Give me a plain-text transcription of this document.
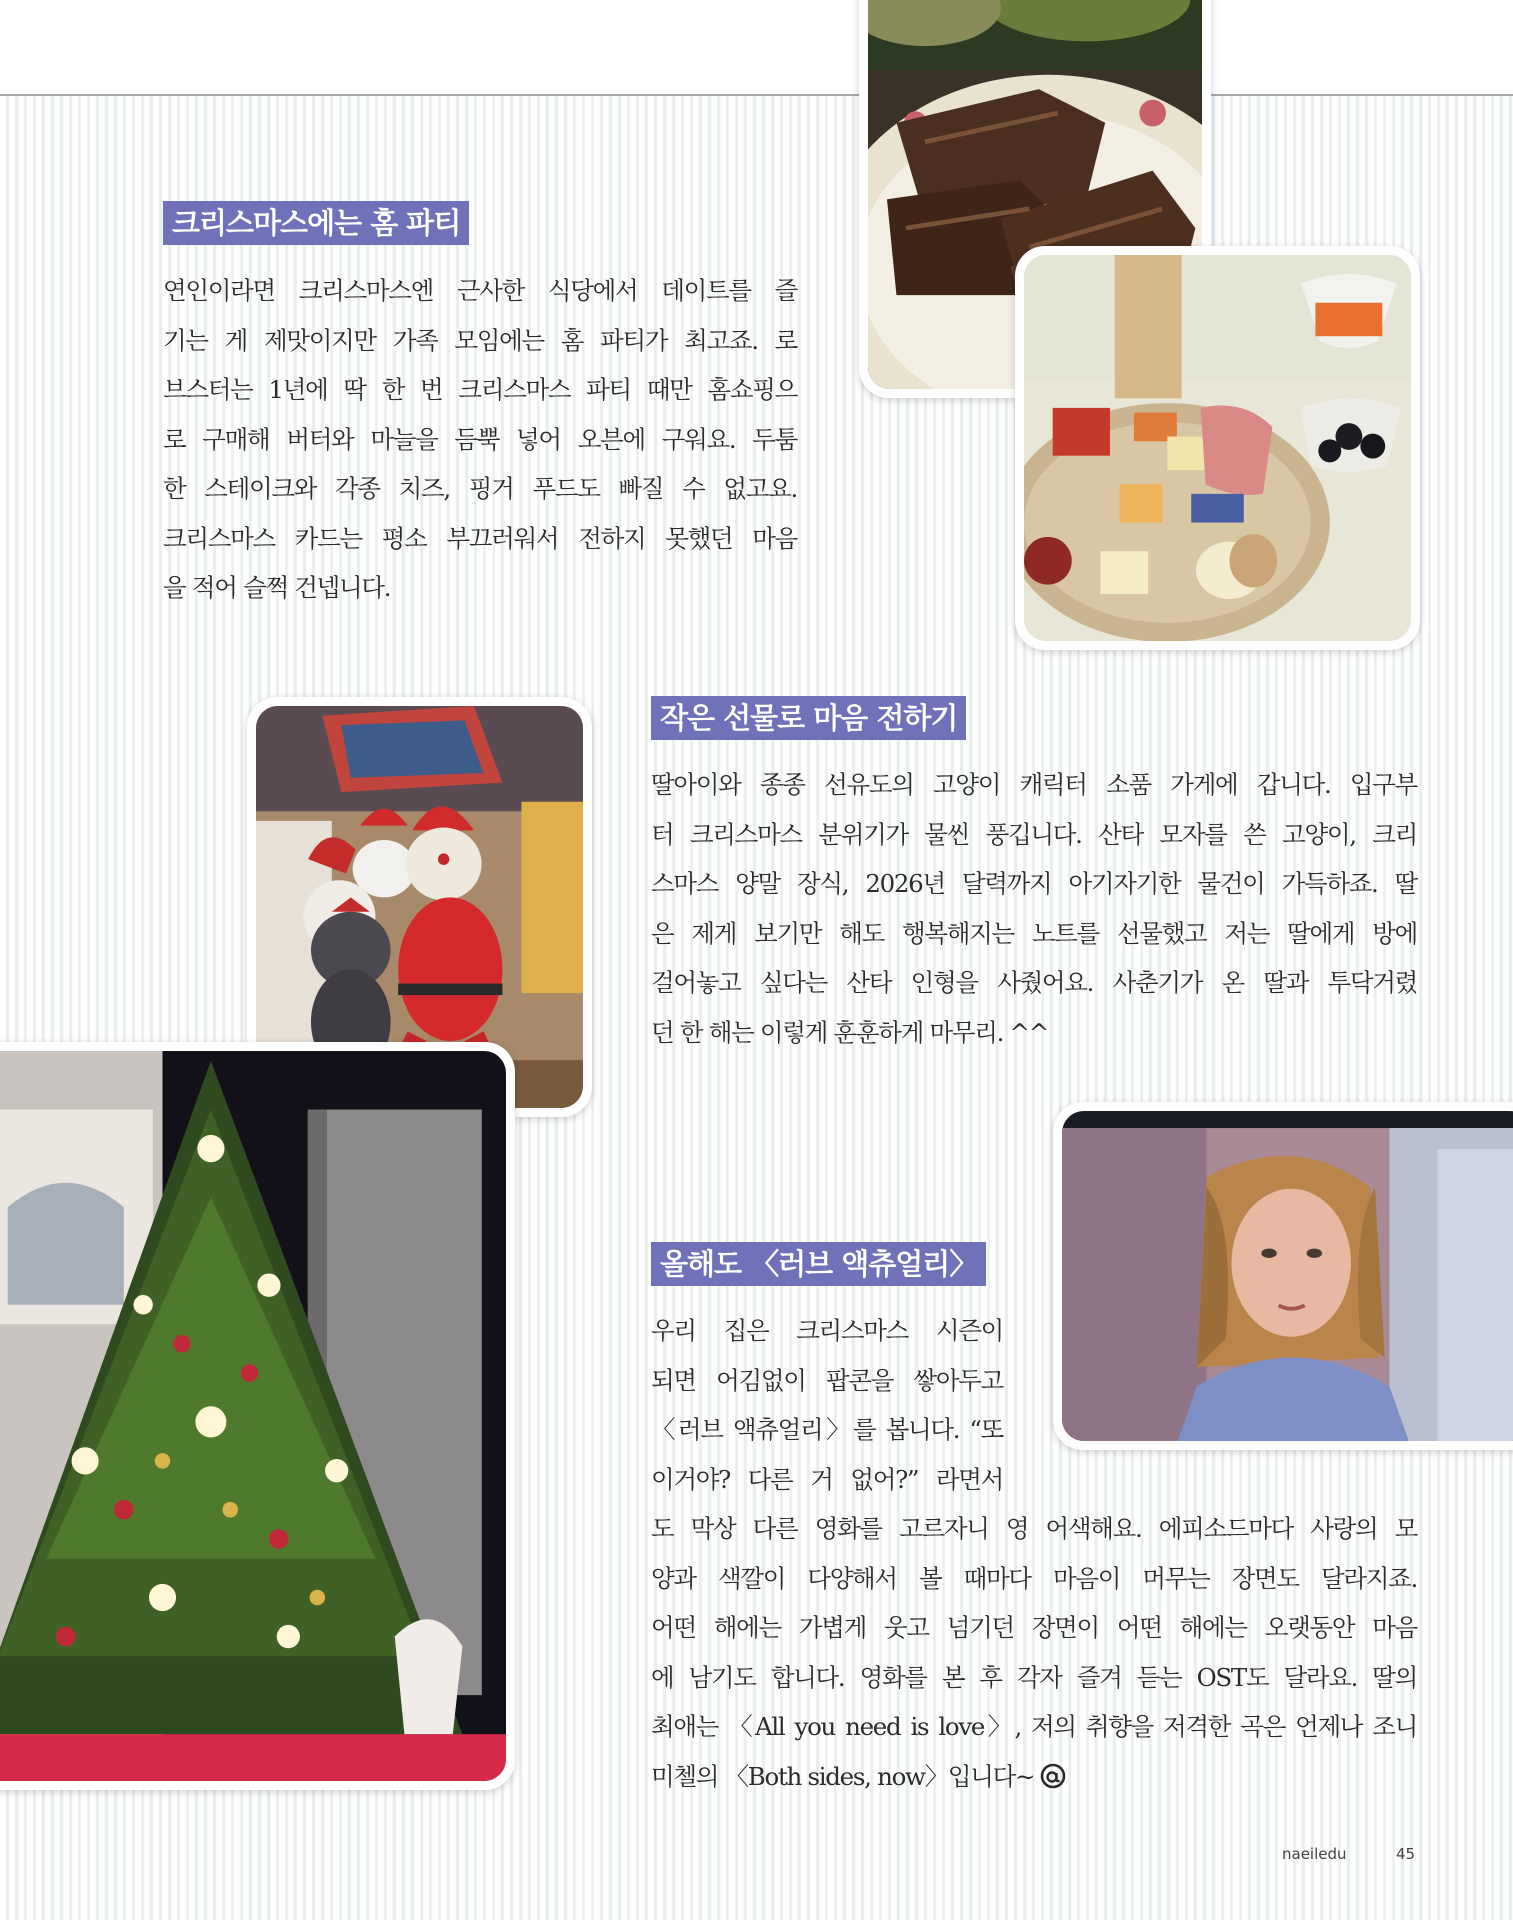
크리스마스에는 홈 파티

연인이라면 크리스마스엔 근사한 식당에서 데이트를 즐
기는 게 제맛이지만 가족 모임에는 홈 파티가 최고죠. 로
브스터는 1년에 딱 한 번 크리스마스 파티 때만 홈쇼핑으
로 구매해 버터와 마늘을 듬뿍 넣어 오븐에 구워요. 두툼
한 스테이크와 각종 치즈, 핑거 푸드도 빠질 수 없고요.
크리스마스 카드는 평소 부끄러워서 전하지 못했던 마음
을 적어 슬쩍 건넵니다.

작은 선물로 마음 전하기

딸아이와 종종 선유도의 고양이 캐릭터 소품 가게에 갑니다. 입구부
터 크리스마스 분위기가 물씬 풍깁니다. 산타 모자를 쓴 고양이, 크리
스마스 양말 장식, 2026년 달력까지 아기자기한 물건이 가득하죠. 딸
은 제게 보기만 해도 행복해지는 노트를 선물했고 저는 딸에게 방에
걸어놓고 싶다는 산타 인형을 사줬어요. 사춘기가 온 딸과 투닥거렸
던 한 해는 이렇게 훈훈하게 마무리. ^^

올해도 〈러브 액츄얼리〉

우리 집은 크리스마스 시즌이
되면 어김없이 팝콘을 쌓아두고
〈러브 액츄얼리〉를 봅니다. “또
이거야? 다른 거 없어?” 라면서

도 막상 다른 영화를 고르자니 영 어색해요. 에피소드마다 사랑의 모
양과 색깔이 다양해서 볼 때마다 마음이 머무는 장면도 달라지죠.
어떤 해에는 가볍게 웃고 넘기던 장면이 어떤 해에는 오랫동안 마음
에 남기도 합니다. 영화를 본 후 각자 즐겨 듣는 OST도 달라요. 딸의
최애는 〈All you need is love〉, 저의 취향을 저격한 곡은 언제나 조니
미첼의 〈Both sides, now〉입니다~

naeiledu	45
